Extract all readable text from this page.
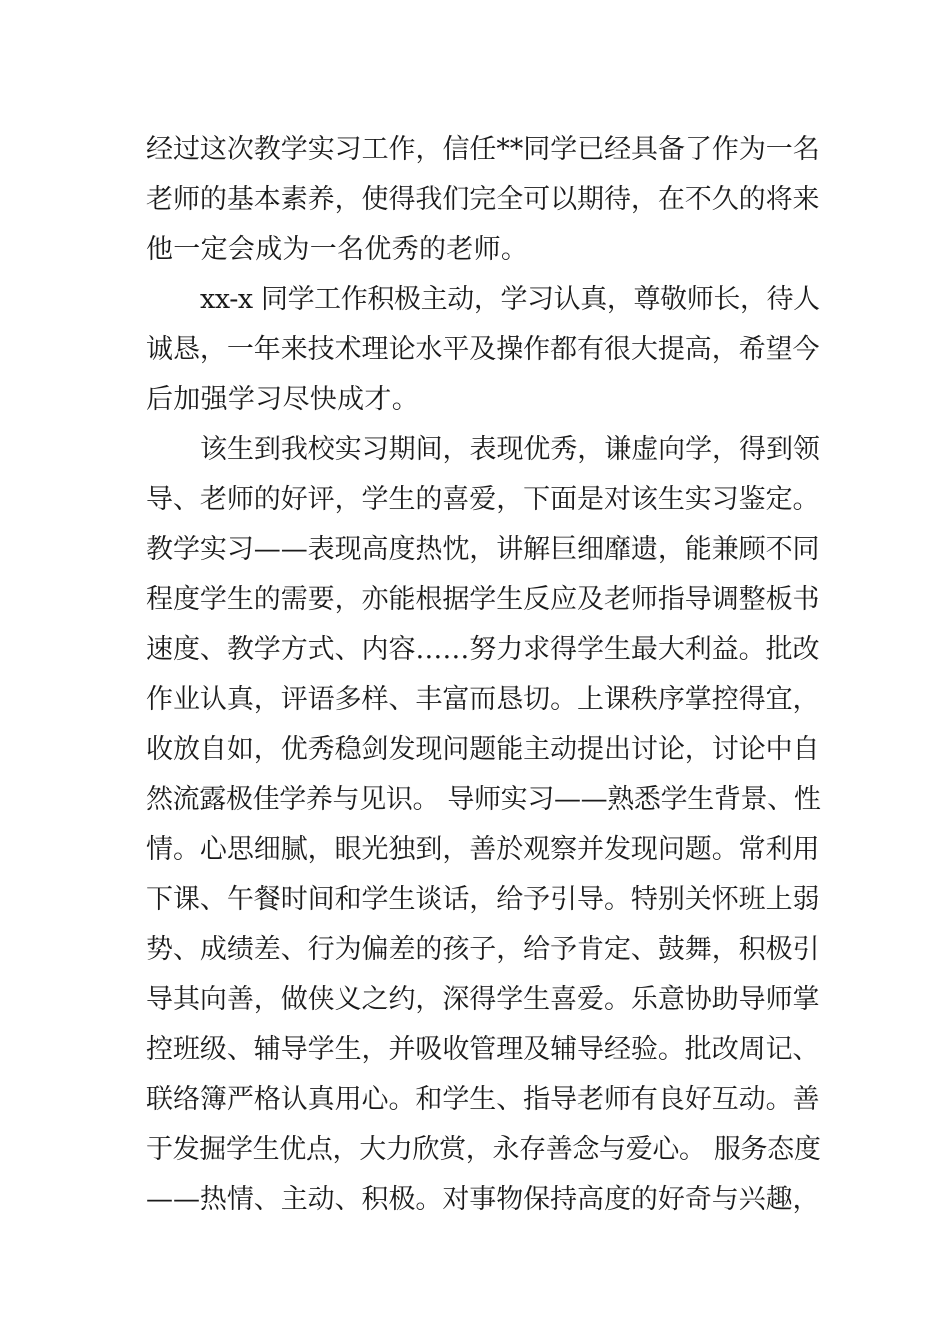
经过这次教学实习工作，信任**同学已经具备了作为一名
老师的基本素养，使得我们完全可以期待，在不久的将来
他一定会成为一名优秀的老师。
xx-x 同学工作积极主动，学习认真，尊敬师长，待人
诚恳，一年来技术理论水平及操作都有很大提高，希望今
后加强学习尽快成才。
该生到我校实习期间，表现优秀，谦虚向学，得到领
导、老师的好评，学生的喜爱，下面是对该生实习鉴定。
教学实习——表现高度热忱，讲解巨细靡遗，能兼顾不同
程度学生的需要，亦能根据学生反应及老师指导调整板书
速度、教学方式、内容……努力求得学生最大利益。批改
作业认真，评语多样、丰富而恳切。上课秩序掌控得宜，
收放自如，优秀稳剑发现问题能主动提出讨论，讨论中自
然流露极佳学养与见识。 导师实习——熟悉学生背景、性
情。心思细腻，眼光独到，善於观察并发现问题。常利用
下课、午餐时间和学生谈话，给予引导。特别关怀班上弱
势、成绩差、行为偏差的孩子，给予肯定、鼓舞，积极引
导其向善，做侠义之约，深得学生喜爱。乐意协助导师掌
控班级、辅导学生，并吸收管理及辅导经验。批改周记、
联络簿严格认真用心。和学生、指导老师有良好互动。善
于发掘学生优点，大力欣赏，永存善念与爱心。 服务态度
——热情、主动、积极。对事物保持高度的好奇与兴趣，
